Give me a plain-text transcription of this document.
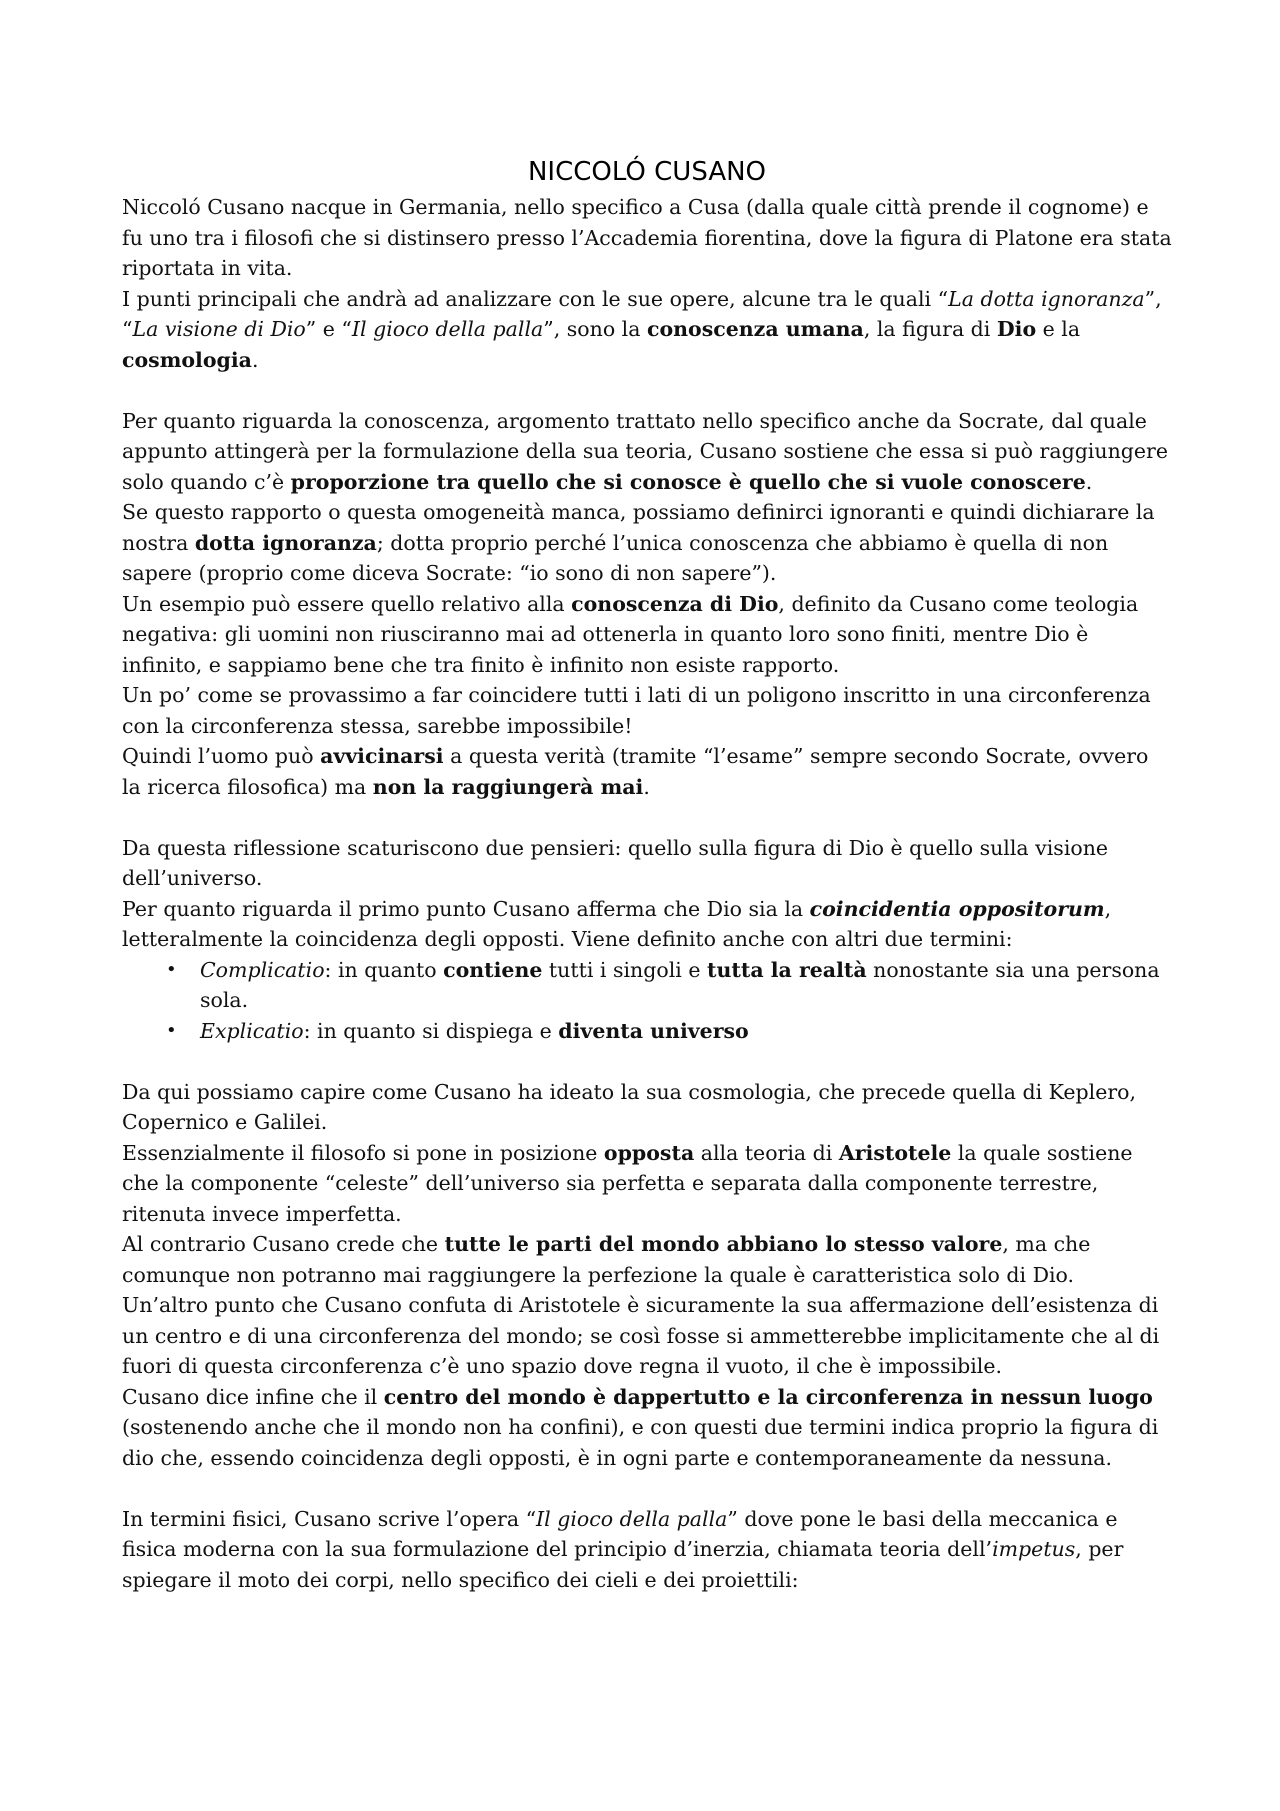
NICCOLÓ CUSANO

Niccoló Cusano nacque in Germania, nello specifico a Cusa (dalla quale città prende il cognome) e fu uno tra i filosofi che si distinsero presso l’Accademia fiorentina, dove la figura di Platone era stata riportata in vita.

I punti principali che andrà ad analizzare con le sue opere, alcune tra le quali “La dotta ignoranza”, “La visione di Dio” e “Il gioco della palla”, sono la conoscenza umana, la figura di Dio e la cosmologia.

Per quanto riguarda la conoscenza, argomento trattato nello specifico anche da Socrate, dal quale appunto attingerà per la formulazione della sua teoria, Cusano sostiene che essa si può raggiungere solo quando c’è proporzione tra quello che si conosce è quello che si vuole conoscere.

Se questo rapporto o questa omogeneità manca, possiamo definirci ignoranti e quindi dichiarare la nostra dotta ignoranza; dotta proprio perché l’unica conoscenza che abbiamo è quella di non sapere (proprio come diceva Socrate: “io sono di non sapere”).

Un esempio può essere quello relativo alla conoscenza di Dio, definito da Cusano come teologia negativa: gli uomini non riusciranno mai ad ottenerla in quanto loro sono finiti, mentre Dio è infinito, e sappiamo bene che tra finito è infinito non esiste rapporto.

Un po’ come se provassimo a far coincidere tutti i lati di un poligono inscritto in una circonferenza con la circonferenza stessa, sarebbe impossibile!

Quindi l’uomo può avvicinarsi a questa verità (tramite “l’esame” sempre secondo Socrate, ovvero la ricerca filosofica) ma non la raggiungerà mai.

Da questa riflessione scaturiscono due pensieri: quello sulla figura di Dio è quello sulla visione dell’universo.

Per quanto riguarda il primo punto Cusano afferma che Dio sia la coincidentia oppositorum, letteralmente la coincidenza degli opposti. Viene definito anche con altri due termini:

• Complicatio: in quanto contiene tutti i singoli e tutta la realtà nonostante sia una persona sola.
• Explicatio: in quanto si dispiega e diventa universo

Da qui possiamo capire come Cusano ha ideato la sua cosmologia, che precede quella di Keplero, Copernico e Galilei.

Essenzialmente il filosofo si pone in posizione opposta alla teoria di Aristotele la quale sostiene che la componente “celeste” dell’universo sia perfetta e separata dalla componente terrestre, ritenuta invece imperfetta.

Al contrario Cusano crede che tutte le parti del mondo abbiano lo stesso valore, ma che comunque non potranno mai raggiungere la perfezione la quale è caratteristica solo di Dio.

Un’altro punto che Cusano confuta di Aristotele è sicuramente la sua affermazione dell’esistenza di un centro e di una circonferenza del mondo; se così fosse si ammetterebbe implicitamente che al di fuori di questa circonferenza c’è uno spazio dove regna il vuoto, il che è impossibile.

Cusano dice infine che il centro del mondo è dappertutto e la circonferenza in nessun luogo (sostenendo anche che il mondo non ha confini), e con questi due termini indica proprio la figura di dio che, essendo coincidenza degli opposti, è in ogni parte e contemporaneamente da nessuna.

In termini fisici, Cusano scrive l’opera “Il gioco della palla” dove pone le basi della meccanica e fisica moderna con la sua formulazione del principio d’inerzia, chiamata teoria dell’impetus, per spiegare il moto dei corpi, nello specifico dei cieli e dei proiettili:
